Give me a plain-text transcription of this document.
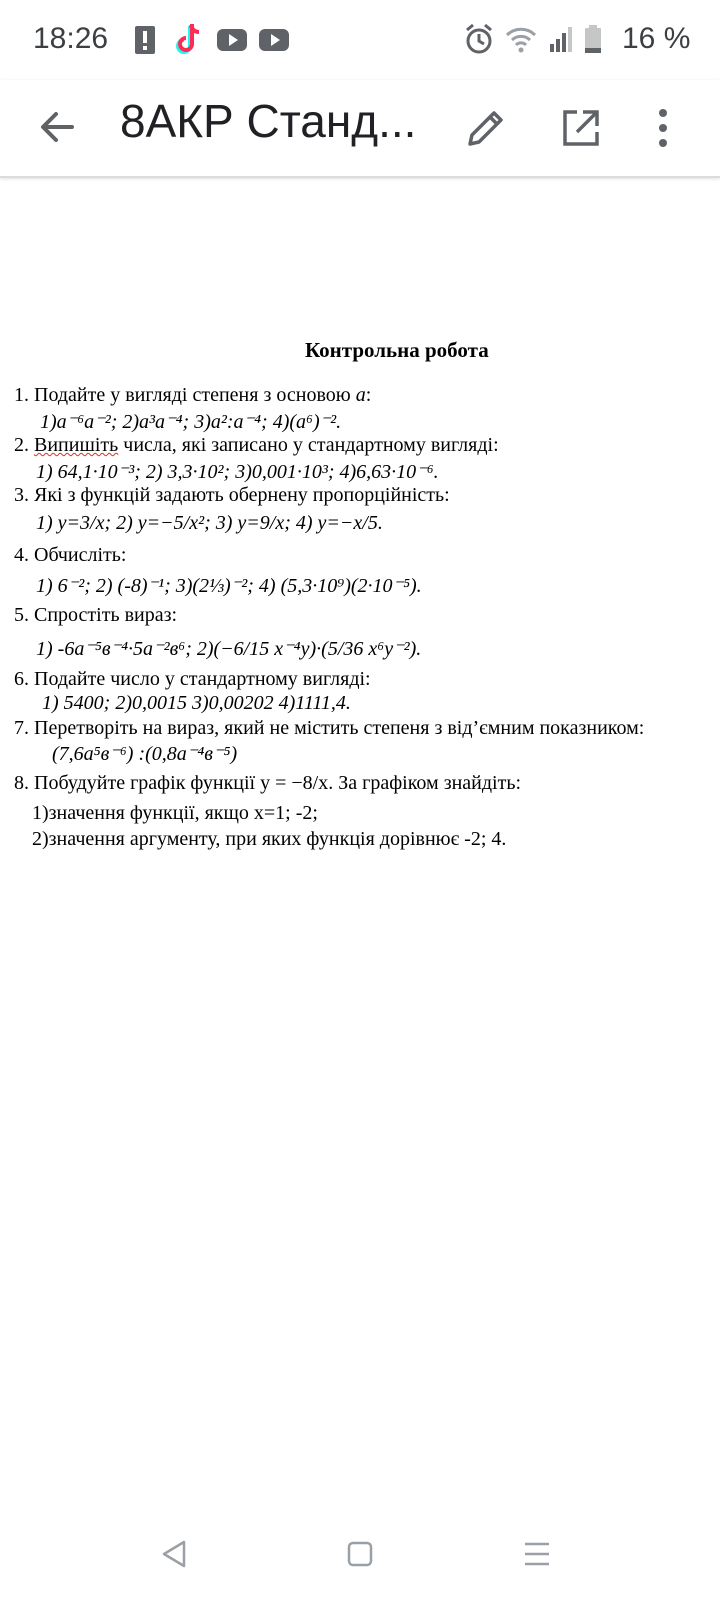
18:26	16 %
8АКР Станд...
Контрольна робота
1. Подайте у вигляді степеня з основою a:
1)a⁻⁶a⁻²; 2)a³a⁻⁴; 3)a²:a⁻⁴; 4)(a⁶)⁻².
2. Випишіть числа, які записано у стандартному вигляді:
1) 64,1·10⁻³; 2) 3,3·10²; 3)0,001·10³; 4)6,63·10⁻⁶.
3. Які з функцій задають обернену пропорційність:
1) y=3/x; 2) y=−5/x²; 3) y=9/x; 4) y=−x/5.
4. Обчисліть:
1) 6⁻²; 2) (-8)⁻¹; 3)(2⅓)⁻²; 4) (5,3·10⁹)(2·10⁻⁵).
5. Спростіть вираз:
1) -6a⁻⁵в⁻⁴·5a⁻²в⁶; 2)(−6/15 x⁻⁴y)·(5/36 x⁶y⁻²).
6. Подайте число у стандартному вигляді:
1) 5400; 2)0,0015 3)0,00202 4)1111,4.
7. Перетворіть на вираз, який не містить степеня з від’ємним показником:
(7,6a⁵в⁻⁶) :(0,8a⁻⁴в⁻⁵)
8. Побудуйте графік функції y = −8/x. За графіком знайдіть:
1)значення функції, якщо x=1; -2;
2)значення аргументу, при яких функція дорівнює -2; 4.
